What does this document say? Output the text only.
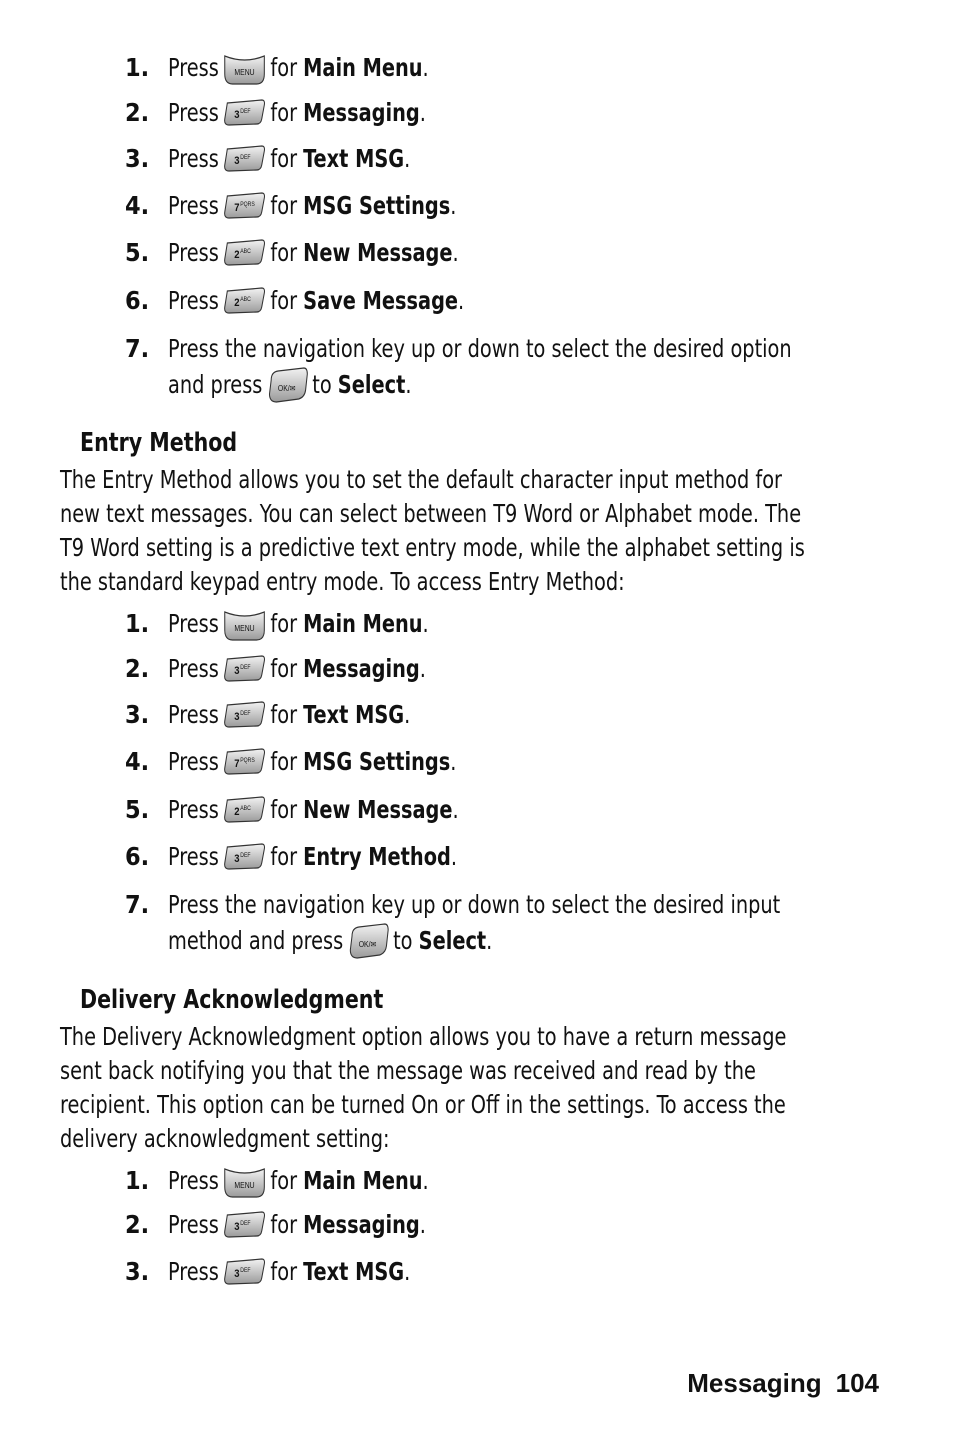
1. Press MENU for Main Menu.
2. Press 3 DEF for Messaging.
3. Press 3 DEF for Text MSG.
4. Press 7 PQRS for MSG Settings.
5. Press 2 ABC for New Message.
6. Press 2 ABC for Save Message.
7. Press the navigation key up or down to select the desired option
and press OK/✉ to Select.
Entry Method

The Entry Method allows you to set the default character input method for

new text messages. You can select between T9 Word or Alphabet mode. The

T9 Word setting is a predictive text entry mode, while the alphabet setting is

the standard keypad entry mode. To access Entry Method:

1. Press MENU for Main Menu.
2. Press 3 DEF for Messaging.
3. Press 3 DEF for Text MSG.
4. Press 7 PQRS for MSG Settings.
5. Press 2 ABC for New Message.
6. Press 3 DEF for Entry Method.
7. Press the navigation key up or down to select the desired input
method and press OK/✉ to Select.
Delivery Acknowledgment

The Delivery Acknowledgment option allows you to have a return message

sent back notifying you that the message was received and read by the

recipient. This option can be turned On or Off in the settings. To access the

delivery acknowledgment setting:

1. Press MENU for Main Menu.
2. Press 3 DEF for Messaging.
3. Press 3 DEF for Text MSG.
Messaging 104
